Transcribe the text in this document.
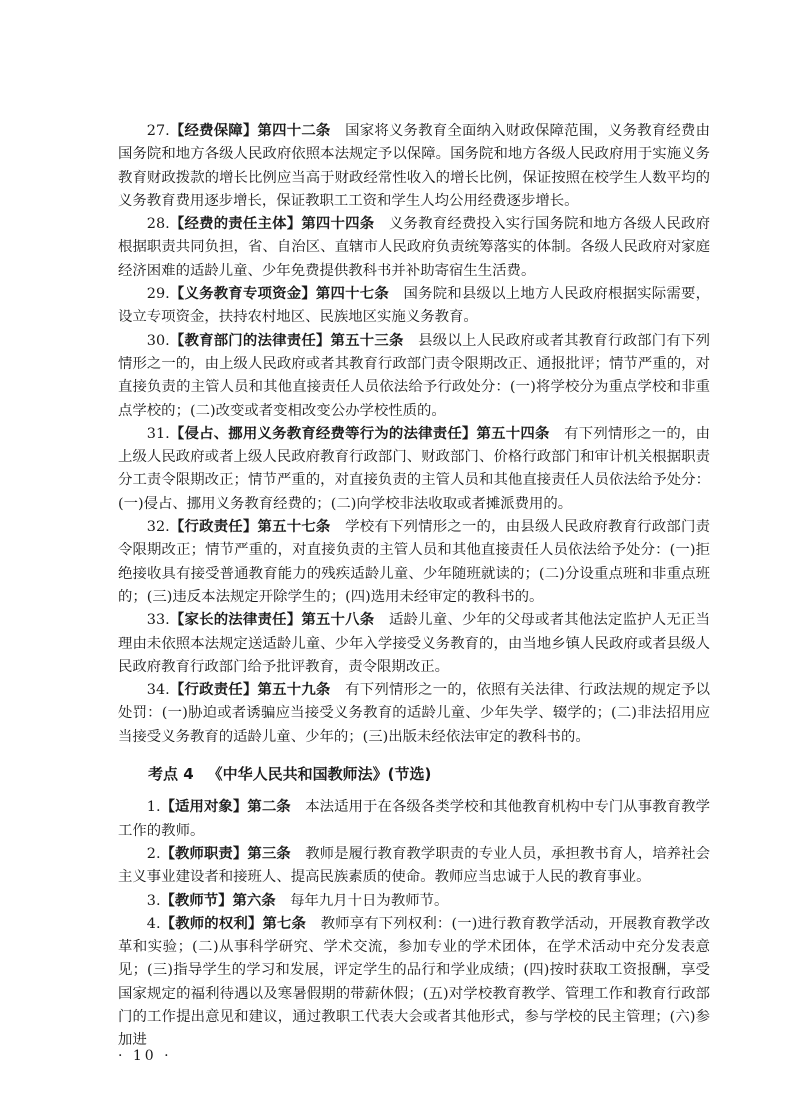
27.【经费保障】第四十二条　国家将义务教育全面纳入财政保障范围，义务教育经费由国务院和地方各级人民政府依照本法规定予以保障。国务院和地方各级人民政府用于实施义务教育财政拨款的增长比例应当高于财政经常性收入的增长比例，保证按照在校学生人数平均的义务教育费用逐步增长，保证教职工工资和学生人均公用经费逐步增长。

28.【经费的责任主体】第四十四条　义务教育经费投入实行国务院和地方各级人民政府根据职责共同负担，省、自治区、直辖市人民政府负责统筹落实的体制。各级人民政府对家庭经济困难的适龄儿童、少年免费提供教科书并补助寄宿生生活费。

29.【义务教育专项资金】第四十七条　国务院和县级以上地方人民政府根据实际需要，设立专项资金，扶持农村地区、民族地区实施义务教育。

30.【教育部门的法律责任】第五十三条　县级以上人民政府或者其教育行政部门有下列情形之一的，由上级人民政府或者其教育行政部门责令限期改正、通报批评；情节严重的，对直接负责的主管人员和其他直接责任人员依法给予行政处分：(一)将学校分为重点学校和非重点学校的；(二)改变或者变相改变公办学校性质的。

31.【侵占、挪用义务教育经费等行为的法律责任】第五十四条　有下列情形之一的，由上级人民政府或者上级人民政府教育行政部门、财政部门、价格行政部门和审计机关根据职责分工责令限期改正；情节严重的，对直接负责的主管人员和其他直接责任人员依法给予处分：(一)侵占、挪用义务教育经费的；(二)向学校非法收取或者摊派费用的。

32.【行政责任】第五十七条　学校有下列情形之一的，由县级人民政府教育行政部门责令限期改正；情节严重的，对直接负责的主管人员和其他直接责任人员依法给予处分：(一)拒绝接收具有接受普通教育能力的残疾适龄儿童、少年随班就读的；(二)分设重点班和非重点班的；(三)违反本法规定开除学生的；(四)选用未经审定的教科书的。

33.【家长的法律责任】第五十八条　适龄儿童、少年的父母或者其他法定监护人无正当理由未依照本法规定送适龄儿童、少年入学接受义务教育的，由当地乡镇人民政府或者县级人民政府教育行政部门给予批评教育，责令限期改正。

34.【行政责任】第五十九条　有下列情形之一的，依照有关法律、行政法规的规定予以处罚：(一)胁迫或者诱骗应当接受义务教育的适龄儿童、少年失学、辍学的；(二)非法招用应当接受义务教育的适龄儿童、少年的；(三)出版未经依法审定的教科书的。

考点 4 《中华人民共和国教师法》(节选)

1.【适用对象】第二条　本法适用于在各级各类学校和其他教育机构中专门从事教育教学工作的教师。

2.【教师职责】第三条　教师是履行教育教学职责的专业人员，承担教书育人，培养社会主义事业建设者和接班人、提高民族素质的使命。教师应当忠诚于人民的教育事业。

3.【教师节】第六条　每年九月十日为教师节。

4.【教师的权利】第七条　教师享有下列权利：(一)进行教育教学活动，开展教育教学改革和实验；(二)从事科学研究、学术交流，参加专业的学术团体，在学术活动中充分发表意见；(三)指导学生的学习和发展，评定学生的品行和学业成绩；(四)按时获取工资报酬，享受国家规定的福利待遇以及寒暑假期的带薪休假；(五)对学校教育教学、管理工作和教育行政部门的工作提出意见和建议，通过教职工代表大会或者其他形式，参与学校的民主管理；(六)参加进

· 10 ·
